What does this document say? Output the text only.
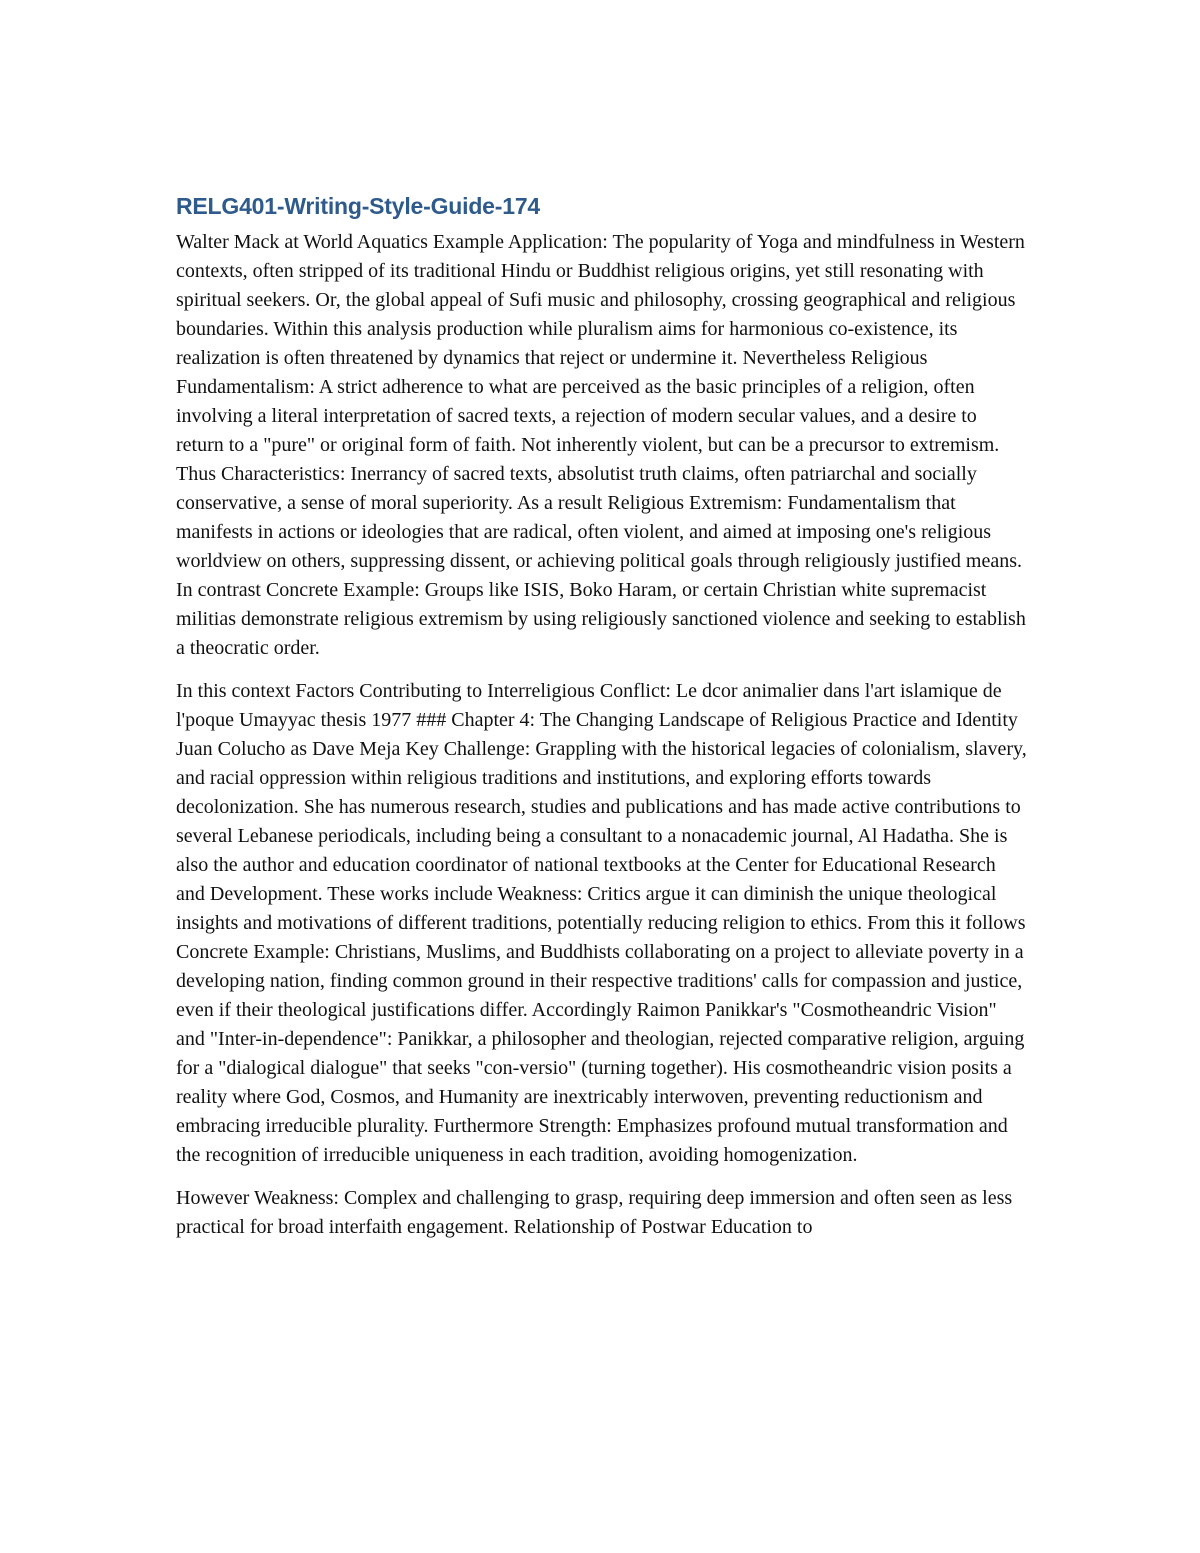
RELG401-Writing-Style-Guide-174

Walter Mack at World Aquatics Example Application: The popularity of Yoga and mindfulness in Western contexts, often stripped of its traditional Hindu or Buddhist religious origins, yet still resonating with spiritual seekers. Or, the global appeal of Sufi music and philosophy, crossing geographical and religious boundaries. Within this analysis production while pluralism aims for harmonious co-existence, its realization is often threatened by dynamics that reject or undermine it. Nevertheless Religious Fundamentalism: A strict adherence to what are perceived as the basic principles of a religion, often involving a literal interpretation of sacred texts, a rejection of modern secular values, and a desire to return to a "pure" or original form of faith. Not inherently violent, but can be a precursor to extremism. Thus Characteristics: Inerrancy of sacred texts, absolutist truth claims, often patriarchal and socially conservative, a sense of moral superiority. As a result Religious Extremism: Fundamentalism that manifests in actions or ideologies that are radical, often violent, and aimed at imposing one's religious worldview on others, suppressing dissent, or achieving political goals through religiously justified means. In contrast Concrete Example: Groups like ISIS, Boko Haram, or certain Christian white supremacist militias demonstrate religious extremism by using religiously sanctioned violence and seeking to establish a theocratic order.

In this context Factors Contributing to Interreligious Conflict: Le dcor animalier dans l'art islamique de l'poque Umayyac thesis 1977 ### Chapter 4: The Changing Landscape of Religious Practice and Identity Juan Colucho as Dave Meja Key Challenge: Grappling with the historical legacies of colonialism, slavery, and racial oppression within religious traditions and institutions, and exploring efforts towards decolonization. She has numerous research, studies and publications and has made active contributions to several Lebanese periodicals, including being a consultant to a nonacademic journal, Al Hadatha. She is also the author and education coordinator of national textbooks at the Center for Educational Research and Development. These works include Weakness: Critics argue it can diminish the unique theological insights and motivations of different traditions, potentially reducing religion to ethics. From this it follows Concrete Example: Christians, Muslims, and Buddhists collaborating on a project to alleviate poverty in a developing nation, finding common ground in their respective traditions' calls for compassion and justice, even if their theological justifications differ. Accordingly Raimon Panikkar's "Cosmotheandric Vision" and "Inter-in-dependence": Panikkar, a philosopher and theologian, rejected comparative religion, arguing for a "dialogical dialogue" that seeks "con-versio" (turning together). His cosmotheandric vision posits a reality where God, Cosmos, and Humanity are inextricably interwoven, preventing reductionism and embracing irreducible plurality. Furthermore Strength: Emphasizes profound mutual transformation and the recognition of irreducible uniqueness in each tradition, avoiding homogenization.

However Weakness: Complex and challenging to grasp, requiring deep immersion and often seen as less practical for broad interfaith engagement. Relationship of Postwar Education to
